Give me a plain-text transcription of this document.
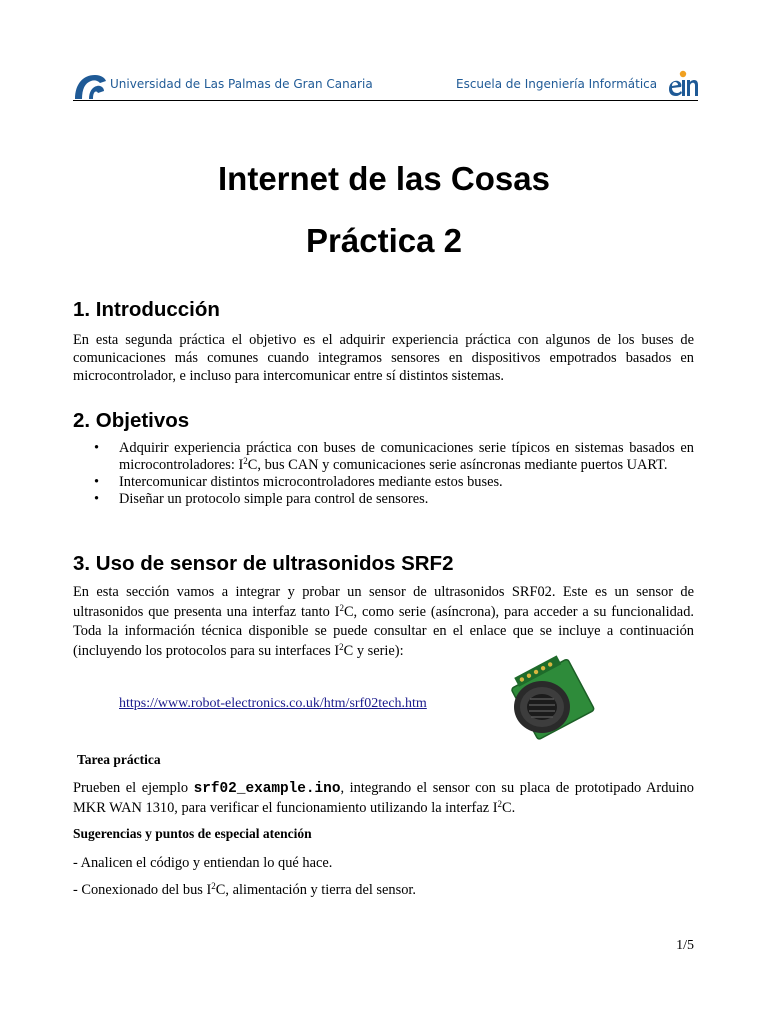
Universidad de Las Palmas de Gran Canaria	Escuela de Ingeniería Informática
Internet de las Cosas
Práctica 2
1. Introducción

En esta segunda práctica el objetivo es el adquirir experiencia práctica con algunos de los buses de comunicaciones más comunes cuando integramos sensores en dispositivos empotrados basados en microcontrolador, e incluso para intercomunicar entre sí distintos sistemas.

2. Objetivos
• Adquirir experiencia práctica con buses de comunicaciones serie típicos en sistemas basados en microcontroladores: $I^2C$, bus CAN y comunicaciones serie asíncronas mediante puertos UART.
• Intercomunicar distintos microcontroladores mediante estos buses.
• Diseñar un protocolo simple para control de sensores.
3. Uso de sensor de ultrasonidos SRF2

En esta sección vamos a integrar y probar un sensor de ultrasonidos SRF02. Este es un sensor de ultrasonidos que presenta una interfaz tanto $I^2C$, como serie (asíncrona), para acceder a su funcionalidad. Toda la información técnica disponible se puede consultar en el enlace que se incluye a continuación (incluyendo los protocolos para su interfaces $I^2C$ y serie):

https://www.robot-electronics.co.uk/htm/srf02tech.htm
Tarea práctica

Prueben el ejemplo srf02_example.ino, integrando el sensor con su placa de prototipado Arduino MKR WAN 1310, para verificar el funcionamiento utilizando la interfaz $I^2C$.

Sugerencias y puntos de especial atención
- Analicen el código y entiendan lo qué hace.
- Conexionado del bus $I^2C$, alimentación y tierra del sensor.
1/5
